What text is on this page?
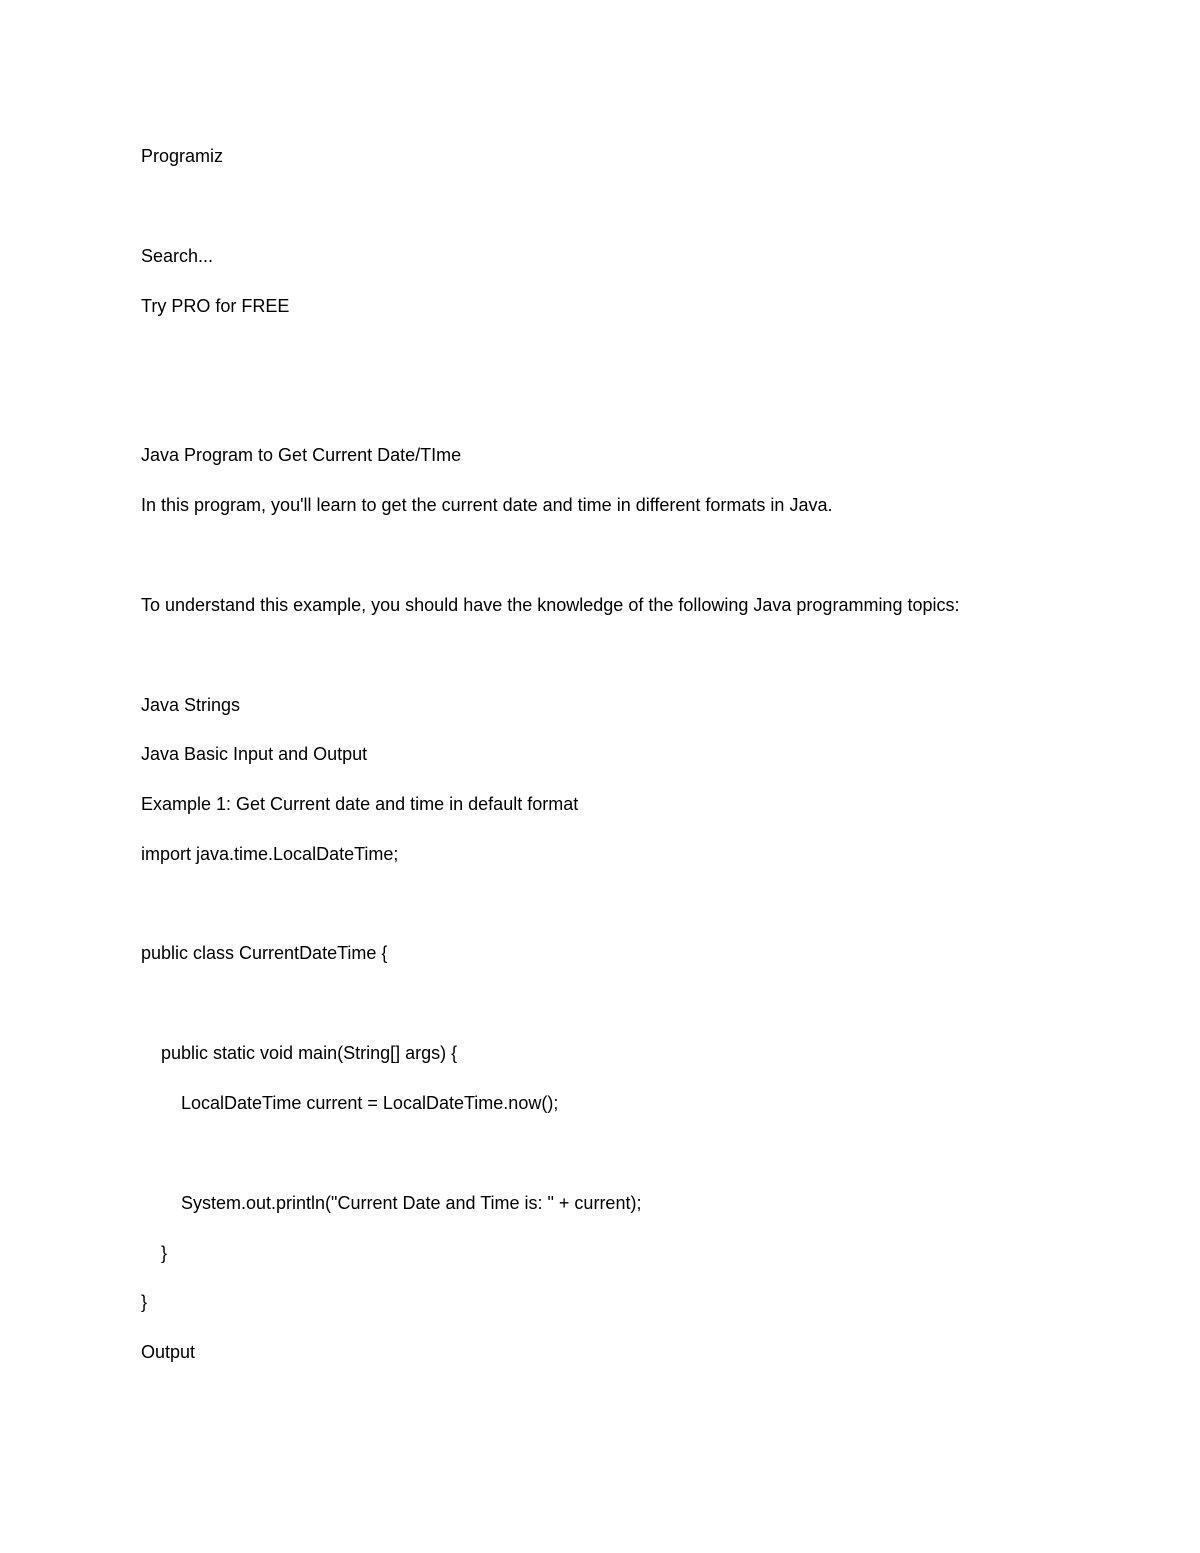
Programiz
Search...
Try PRO for FREE
Java Program to Get Current Date/TIme
In this program, you'll learn to get the current date and time in different formats in Java.
To understand this example, you should have the knowledge of the following Java programming topics:
Java Strings
Java Basic Input and Output
Example 1: Get Current date and time in default format
import java.time.LocalDateTime;
public class CurrentDateTime {
public static void main(String[] args) {
LocalDateTime current = LocalDateTime.now();
System.out.println("Current Date and Time is: " + current);
}
}
Output
